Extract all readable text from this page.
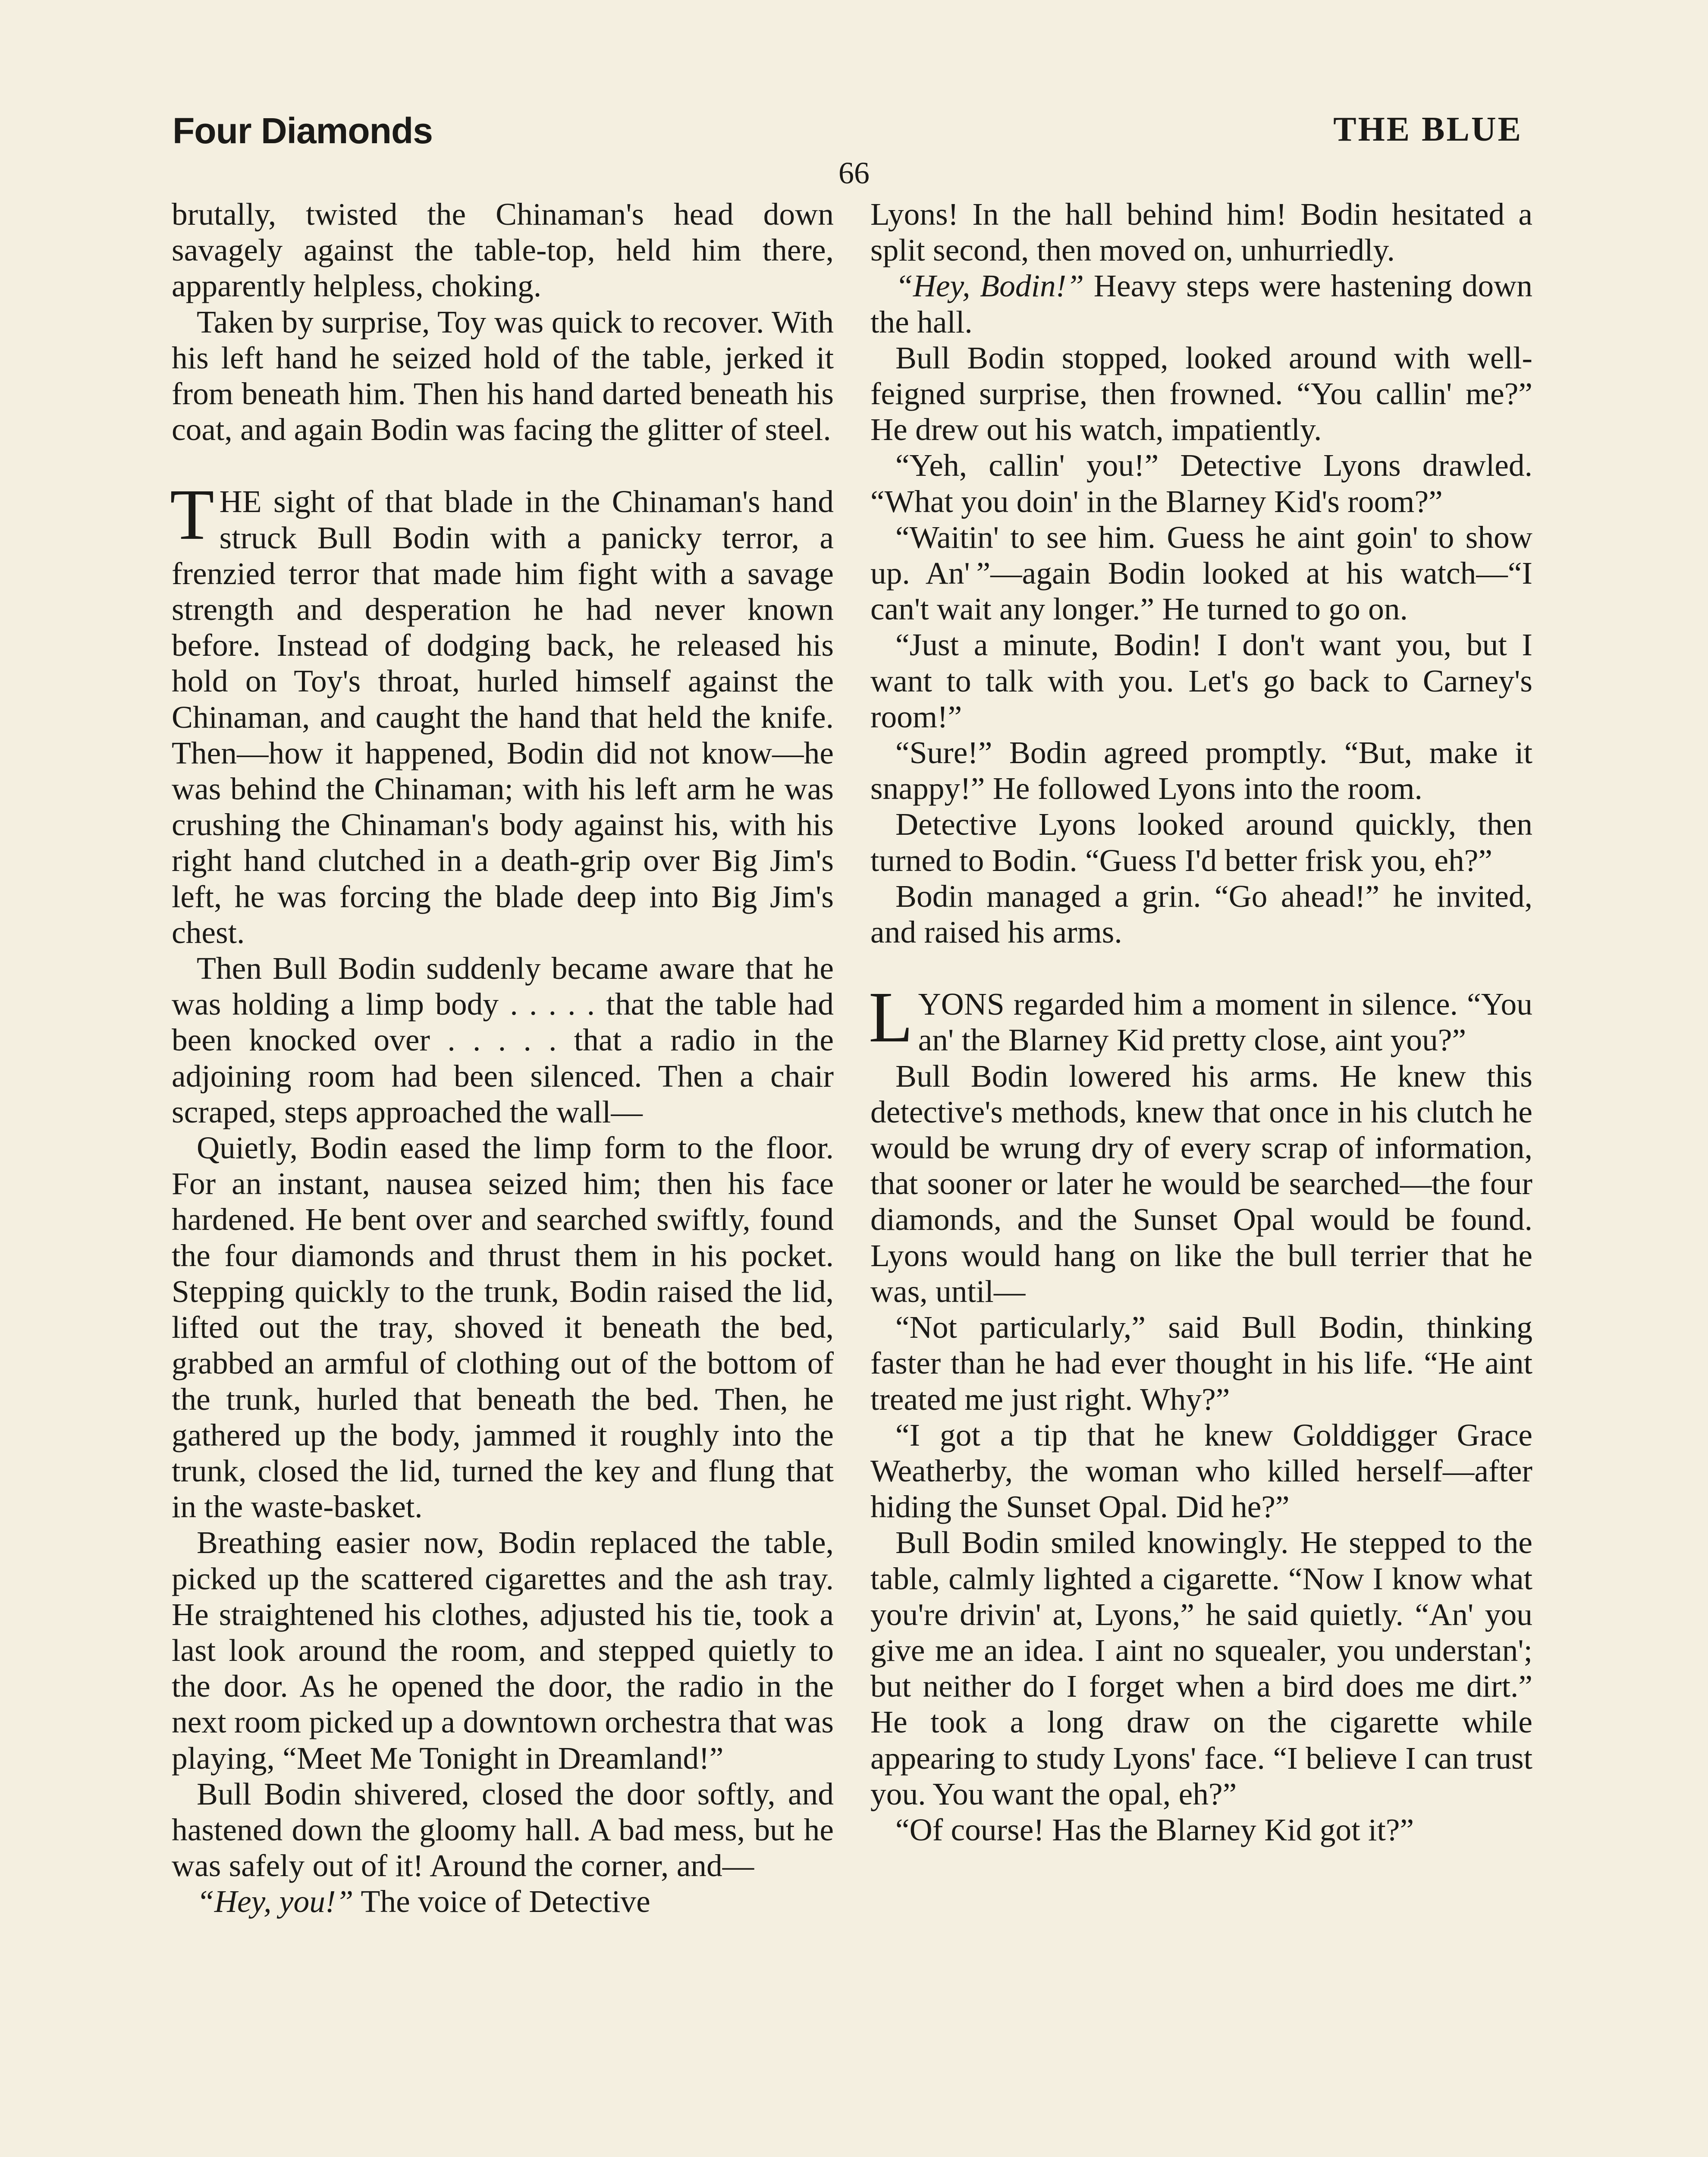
Four Diamonds	THE BLUE
66

brutally, twisted the Chinaman's head down savagely against the table-top, held him there, apparently helpless, choking.

Taken by surprise, Toy was quick to recover. With his left hand he seized hold of the table, jerked it from beneath him. Then his hand darted beneath his coat, and again Bodin was facing the glitter of steel.

THE sight of that blade in the Chinaman's hand struck Bull Bodin with a panicky terror, a frenzied terror that made him fight with a savage strength and desperation he had never known before. Instead of dodging back, he released his hold on Toy's throat, hurled himself against the Chinaman, and caught the hand that held the knife. Then—how it happened, Bodin did not know—he was behind the Chinaman; with his left arm he was crushing the Chinaman's body against his, with his right hand clutched in a death-grip over Big Jim's left, he was forcing the blade deep into Big Jim's chest.

Then Bull Bodin suddenly became aware that he was holding a limp body . . . . . that the table had been knocked over . . . . . that a radio in the adjoining room had been silenced. Then a chair scraped, steps approached the wall—

Quietly, Bodin eased the limp form to the floor. For an instant, nausea seized him; then his face hardened. He bent over and searched swiftly, found the four diamonds and thrust them in his pocket. Stepping quickly to the trunk, Bodin raised the lid, lifted out the tray, shoved it beneath the bed, grabbed an armful of clothing out of the bottom of the trunk, hurled that beneath the bed. Then, he gathered up the body, jammed it roughly into the trunk, closed the lid, turned the key and flung that in the waste-basket.

Breathing easier now, Bodin replaced the table, picked up the scattered cigarettes and the ash tray. He straightened his clothes, adjusted his tie, took a last look around the room, and stepped quietly to the door. As he opened the door, the radio in the next room picked up a downtown orchestra that was playing, “Meet Me Tonight in Dreamland!”

Bull Bodin shivered, closed the door softly, and hastened down the gloomy hall. A bad mess, but he was safely out of it! Around the corner, and—

“Hey, you!” The voice of Detective

Lyons! In the hall behind him! Bodin hesitated a split second, then moved on, unhurriedly.

“Hey, Bodin!” Heavy steps were hastening down the hall.

Bull Bodin stopped, looked around with well-feigned surprise, then frowned. “You callin' me?” He drew out his watch, impatiently.

“Yeh, callin' you!” Detective Lyons drawled. “What you doin' in the Blarney Kid's room?”

“Waitin' to see him. Guess he aint goin' to show up. An' ”—again Bodin looked at his watch—“I can't wait any longer.” He turned to go on.

“Just a minute, Bodin! I don't want you, but I want to talk with you. Let's go back to Carney's room!”

“Sure!” Bodin agreed promptly. “But, make it snappy!” He followed Lyons into the room.

Detective Lyons looked around quickly, then turned to Bodin. “Guess I'd better frisk you, eh?”

Bodin managed a grin. “Go ahead!” he invited, and raised his arms.

LYONS regarded him a moment in silence. “You an' the Blarney Kid pretty close, aint you?”

Bull Bodin lowered his arms. He knew this detective's methods, knew that once in his clutch he would be wrung dry of every scrap of information, that sooner or later he would be searched—the four diamonds, and the Sunset Opal would be found. Lyons would hang on like the bull terrier that he was, until—

“Not particularly,” said Bull Bodin, thinking faster than he had ever thought in his life. “He aint treated me just right. Why?”

“I got a tip that he knew Golddigger Grace Weatherby, the woman who killed herself—after hiding the Sunset Opal. Did he?”

Bull Bodin smiled knowingly. He stepped to the table, calmly lighted a cigarette. “Now I know what you're drivin' at, Lyons,” he said quietly. “An' you give me an idea. I aint no squealer, you understan'; but neither do I forget when a bird does me dirt.” He took a long draw on the cigarette while appearing to study Lyons' face. “I believe I can trust you. You want the opal, eh?”

“Of course! Has the Blarney Kid got it?”
